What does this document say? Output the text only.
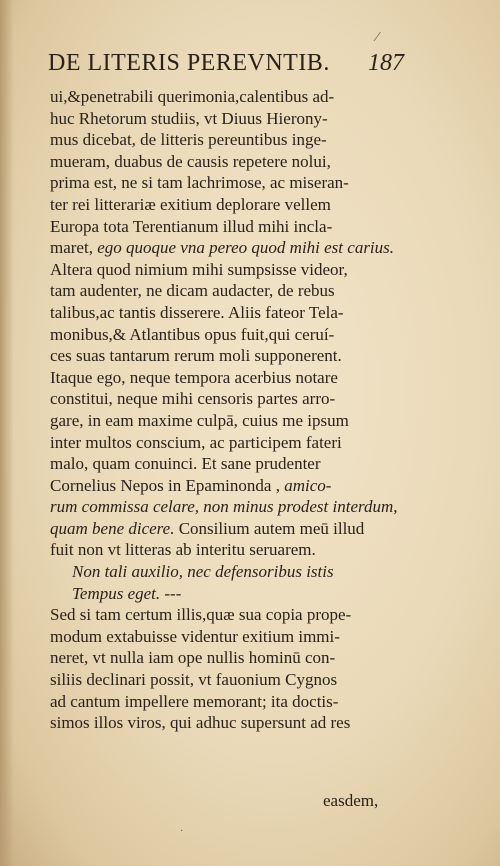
⁄
DE LITERIS PEREVNTIB. 187
ui,&penetrabili querimonia,calentibus ad-
huc Rhetorum studiis, vt Diuus Hierony-
mus dicebat, de litteris pereuntibus inge-
mueram, duabus de causis repetere nolui,
prima est, ne si tam lachrimose, ac miseran-
ter rei litterariæ exitium deplorare vellem
Europa tota Terentianum illud mihi incla-
maret, ego quoque vna pereo quod mihi est carius.
Altera quod nimium mihi sumpsisse videor,
tam audenter, ne dicam audacter, de rebus
talibus,ac tantis disserere. Aliis fateor Tela-
monibus,& Atlantibus opus fuit,qui ceruí-
ces suas tantarum rerum moli supponerent.
Itaque ego, neque tempora acerbius notare
constitui, neque mihi censoris partes arro-
gare, in eam maxime culpā, cuius me ipsum
inter multos conscium, ac participem fateri
malo, quam conuinci. Et sane prudenter
Cornelius Nepos in Epaminonda , amico-
rum commissa celare, non minus prodest interdum,
quam bene dicere. Consilium autem meū illud
fuit non vt litteras ab interitu seruarem.
Non tali auxilio, nec defensoribus istis
Tempus eget. ---
Sed si tam certum illis,quæ sua copia prope-
modum extabuisse videntur exitium immi-
neret, vt nulla iam ope nullis hominū con-
siliis declinari possit, vt fauonium Cygnos
ad cantum impellere memorant; ita doctis-
simos illos viros, qui adhuc supersunt ad res
easdem,
·
